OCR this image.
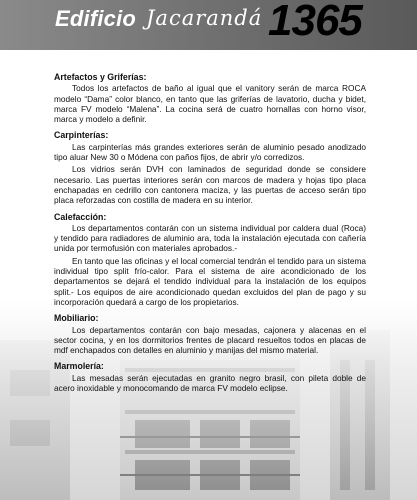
Edificio Jacarandá 1365
Artefactos y Griferías:

Todos los artefactos de baño al igual que el vanitory serán de marca ROCA modelo “Dama” color blanco, en tanto que las griferías de lavatorio, ducha y bidet, marca FV modelo “Malena”. La cocina será de cuatro hornallas con horno visor, marca y modelo a definir.

Carpinterías:

Las carpinterías más grandes exteriores serán de aluminio pesado anodizado tipo aluar New 30 o Módena con paños fijos, de abrir y/o corredizos.

Los vidrios serán DVH con laminados de seguridad donde se considere necesario. Las puertas interiores serán con marcos de madera y hojas tipo placa enchapadas en cedrillo con cantonera maciza, y las puertas de acceso serán tipo placa reforzadas con costilla de madera en su interior.

Calefacción:

Los departamentos contarán con un sistema individual por caldera dual (Roca) y tendido para radiadores de aluminio ara, toda la instalación ejecutada con cañería unida por termofusión con materiales aprobados.-

En tanto que las oficinas y el local comercial tendrán el tendido para un sistema individual tipo split frío-calor. Para el sistema de aire acondicionado de los departamentos se dejará el tendido individual para la instalación de los equipos split.- Los equipos de aire acondicionado quedan excluidos del plan de pago y su incorporación quedará a cargo de los propietarios.

Mobiliario:

Los departamentos contarán con bajo mesadas, cajonera y alacenas en el sector cocina, y en los dormitorios frentes de placard resueltos todos en placas de mdf enchapados con detalles en aluminio y manijas del mismo material.

Marmolería:

Las mesadas serán ejecutadas en granito negro brasil, con pileta doble de acero inoxidable y monocomando de marca FV modelo eclipse.
